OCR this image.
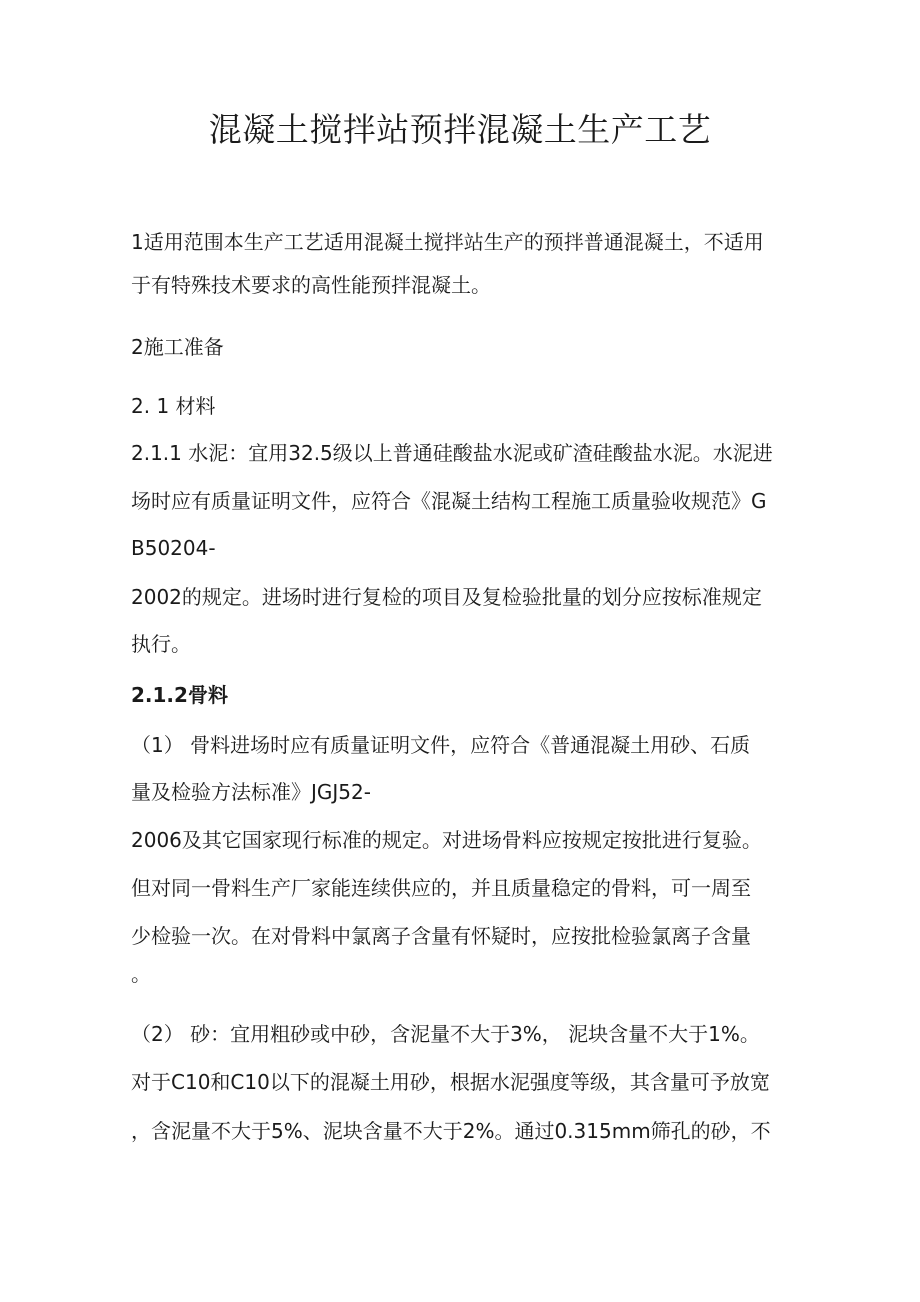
混凝土搅拌站预拌混凝土生产工艺

1适用范围本生产工艺适用混凝土搅拌站生产的预拌普通混凝土，不适用

于有特殊技术要求的高性能预拌混凝土。

2施工准备

2. 1 材料

2.1.1 水泥：宜用32.5级以上普通硅酸盐水泥或矿渣硅酸盐水泥。水泥进

场时应有质量证明文件，应符合《混凝土结构工程施工质量验收规范》G

B50204-

2002的规定。进场时进行复检的项目及复检验批量的划分应按标准规定

执行。

2.1.2骨料

（1） 骨料进场时应有质量证明文件，应符合《普通混凝土用砂、石质

量及检验方法标准》JGJ52-

2006及其它国家现行标准的规定。对进场骨料应按规定按批进行复验。

但对同一骨料生产厂家能连续供应的，并且质量稳定的骨料，可一周至

少检验一次。在对骨料中氯离子含量有怀疑时，应按批检验氯离子含量

。

（2） 砂：宜用粗砂或中砂，含泥量不大于3%， 泥块含量不大于1%。

对于C10和C10以下的混凝土用砂，根据水泥强度等级，其含量可予放宽

，含泥量不大于5%、泥块含量不大于2%。通过0.315mm筛孔的砂，不
